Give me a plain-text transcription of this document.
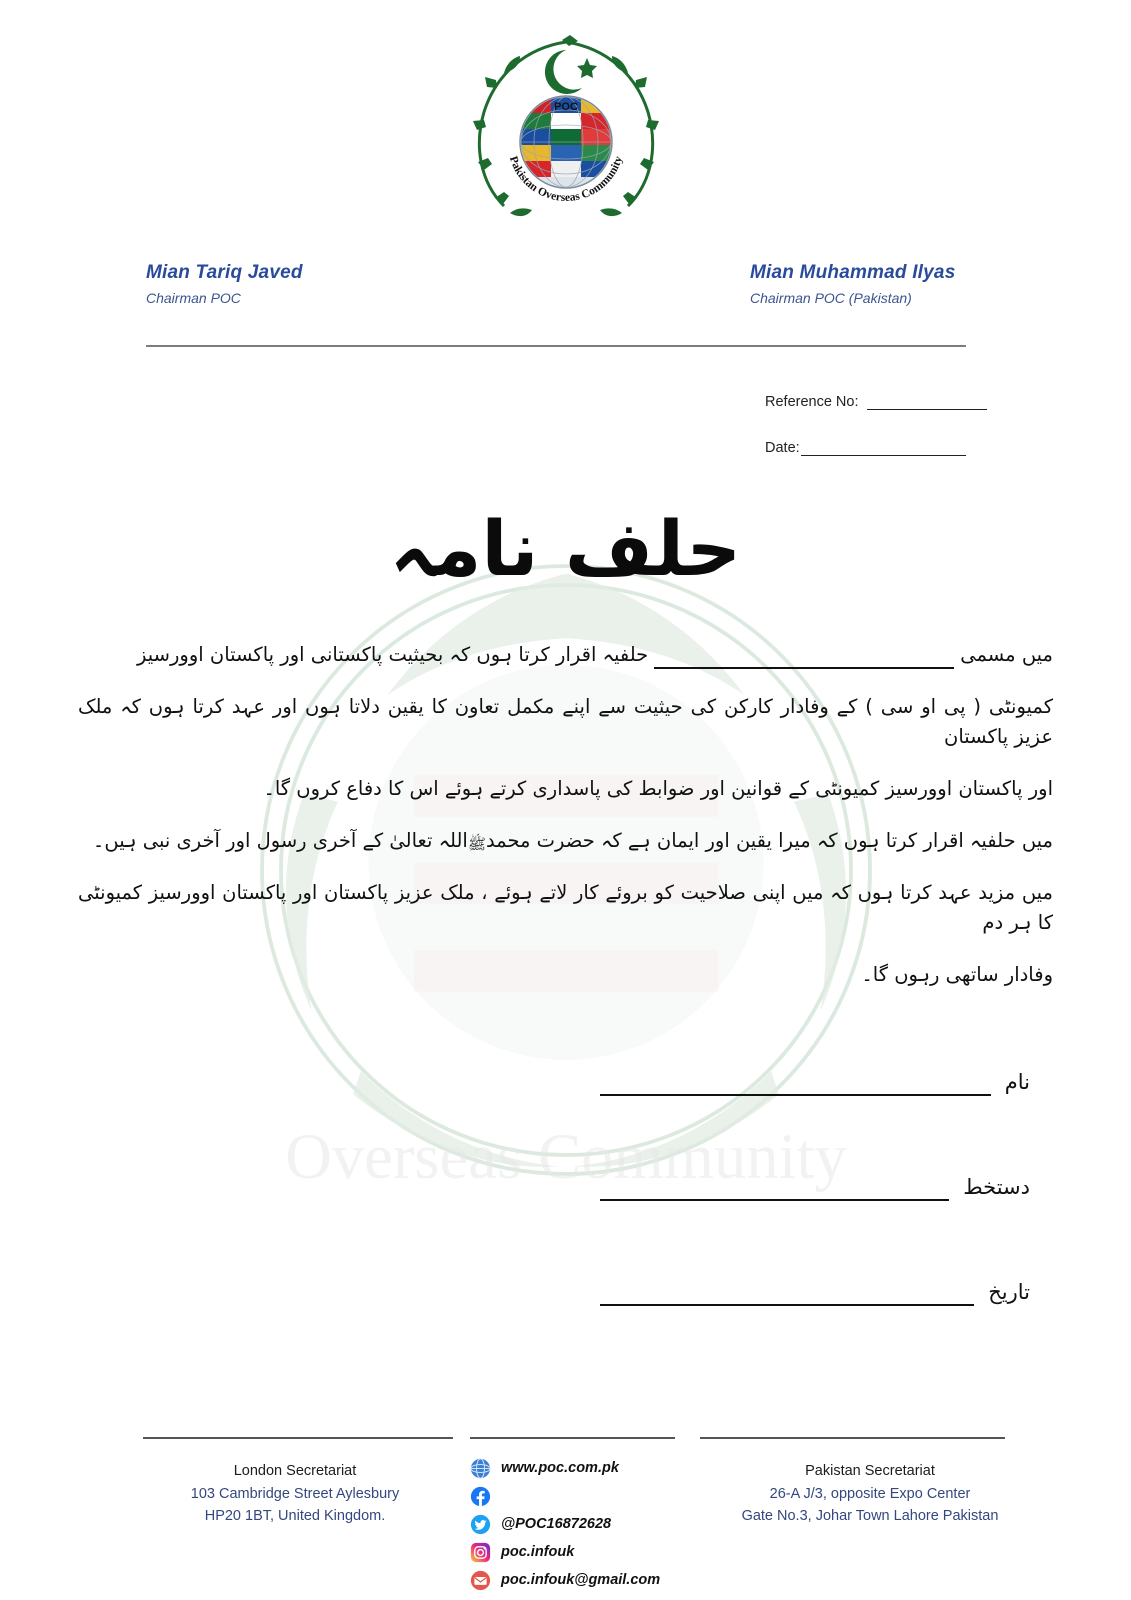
Overseas Community
POC
Pakistan Overseas Community
Mian Tariq Javed
Chairman POC
Mian Muhammad Ilyas
Chairman POC (Pakistan)
Reference No:
Date:
حلف نامہ
میں مسمی
حلفیہ اقرار کرتا ہوں کہ بحیثیت پاکستانی اور پاکستان اوورسیز
کمیونٹی ( پی او سی ) کے وفادار کارکن کی حیثیت سے اپنے مکمل تعاون کا یقین دلاتا ہوں اور عہد کرتا ہوں کہ ملک عزیز پاکستان
اور پاکستان اوورسیز کمیونٹی کے قوانین اور ضوابط کی پاسداری کرتے ہوئے اس کا دفاع کروں گا۔
میں حلفیہ اقرار کرتا ہوں کہ میرا یقین اور ایمان ہے کہ حضرت محمد
ﷺ
اللہ تعالیٰ کے آخری رسول اور آخری نبی ہیں۔
میں مزید عہد کرتا ہوں کہ میں اپنی صلاحیت کو بروئے کار لاتے ہوئے ، ملک عزیز پاکستان اور پاکستان اوورسیز کمیونٹی کا ہر دم
وفادار ساتھی رہوں گا۔
نام
دستخط
تاریخ
London Secretariat
103 Cambridge Street Aylesbury
HP20 1BT, United Kingdom.
Pakistan Secretariat
26-A J/3, opposite Expo Center
Gate No.3, Johar Town Lahore Pakistan
www.poc.com.pk
@POC16872628
poc.infouk
poc.infouk@gmail.com
